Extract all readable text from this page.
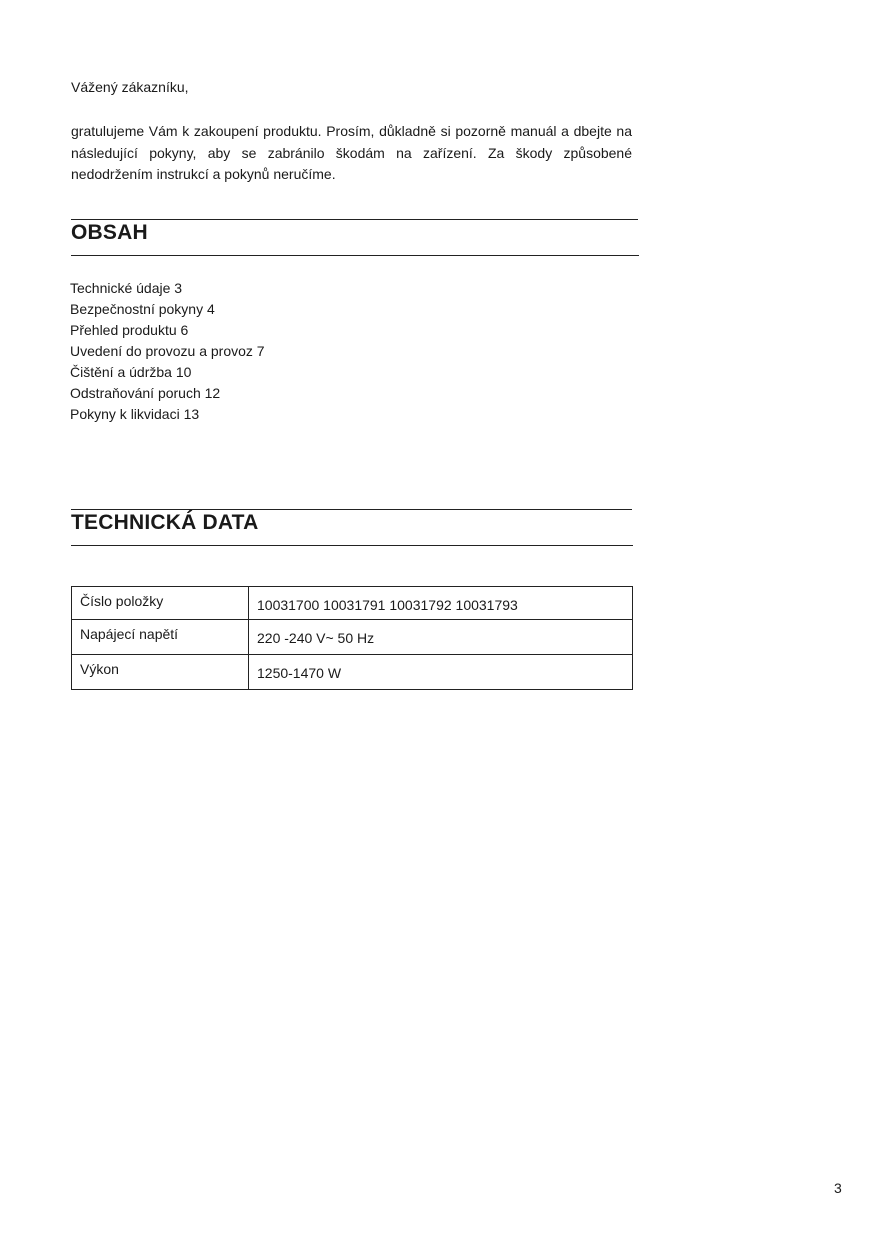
Vážený zákazníku,
gratulujeme Vám k zakoupení produktu. Prosím, důkladně si pozorně manuál a dbejte na následující pokyny, aby se zabránilo škodám na zařízení. Za škody způsobené nedodržením instrukcí a pokynů neručíme.
OBSAH
Technické údaje 3
Bezpečnostní pokyny 4
Přehled produktu 6
Uvedení do provozu a provoz 7
Čištění a údržba 10
Odstraňování poruch 12
Pokyny k likvidaci 13
TECHNICKÁ DATA
Číslo položky	10031700 10031791 10031792 10031793

Napájecí napětí	220 -240 V~ 50 Hz

Výkon	1250-1470 W
3
